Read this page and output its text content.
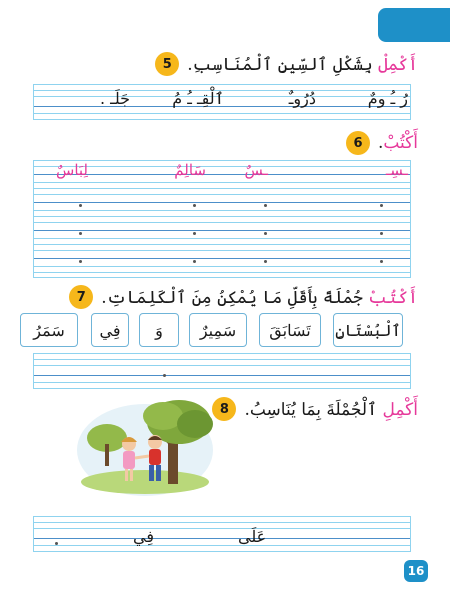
5	أَكْمِلْ بِشَكْلِ ٱلسِّينِ ٱلْمُنَاسِبِ.
رُ ـُ ومٌ
دُرُوـٌ
ٱلْقِـ ـُ مُ
جَلَـ .
6	أَكْتُبْ.
ـسِـ
ـسٌ
سَالِمٌ
لِبَاسٌ
7	أَكْتُبْ جُمْلَةً بِأَقَلِّ مَا يُمْكِنُ مِنَ ٱلْكَلِمَاتِ.
ٱلْبُسْتَانِ
تَسَابَقَ
سَمِيرٌ
وَ
فِي
سَمَرُ
8	أَكْمِلِ ٱلْجُمْلَةَ بِمَا يُنَاسِبُ.
عَلَى
فِي
16
